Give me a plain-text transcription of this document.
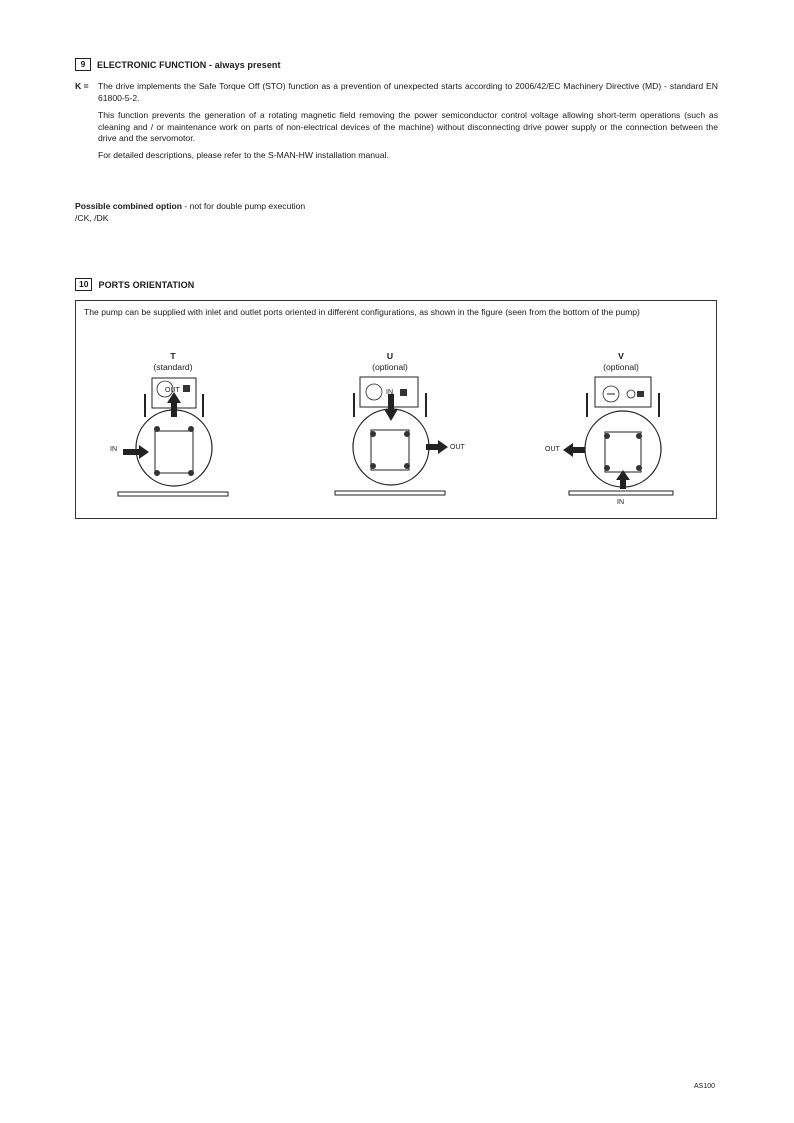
9	ELECTRONIC FUNCTION - always present
K = The drive implements the Safe Torque Off (STO) function as a prevention of unexpected starts according to 2006/42/EC Machinery Directive (MD) - standard EN 61800-5-2.
This function prevents the generation of a rotating magnetic field removing the power semiconductor control voltage allowing short-term operations (such as cleaning and / or maintenance work on parts of non-electrical devices of the machine) without disconnecting drive power supply or the connection between the drive and the servomotor.
For detailed descriptions, please refer to the S-MAN-HW installation manual.
Possible combined option - not for double pump execution
/CK, /DK
10	PORTS ORIENTATION
The pump can be supplied with inlet and outlet ports oriented in different configurations, as shown in the figure (seen from the bottom of the pump)
T
(standard)
OUT
IN
U
(optional)
IN
OUT
V
(optional)
OUT
IN
AS100
